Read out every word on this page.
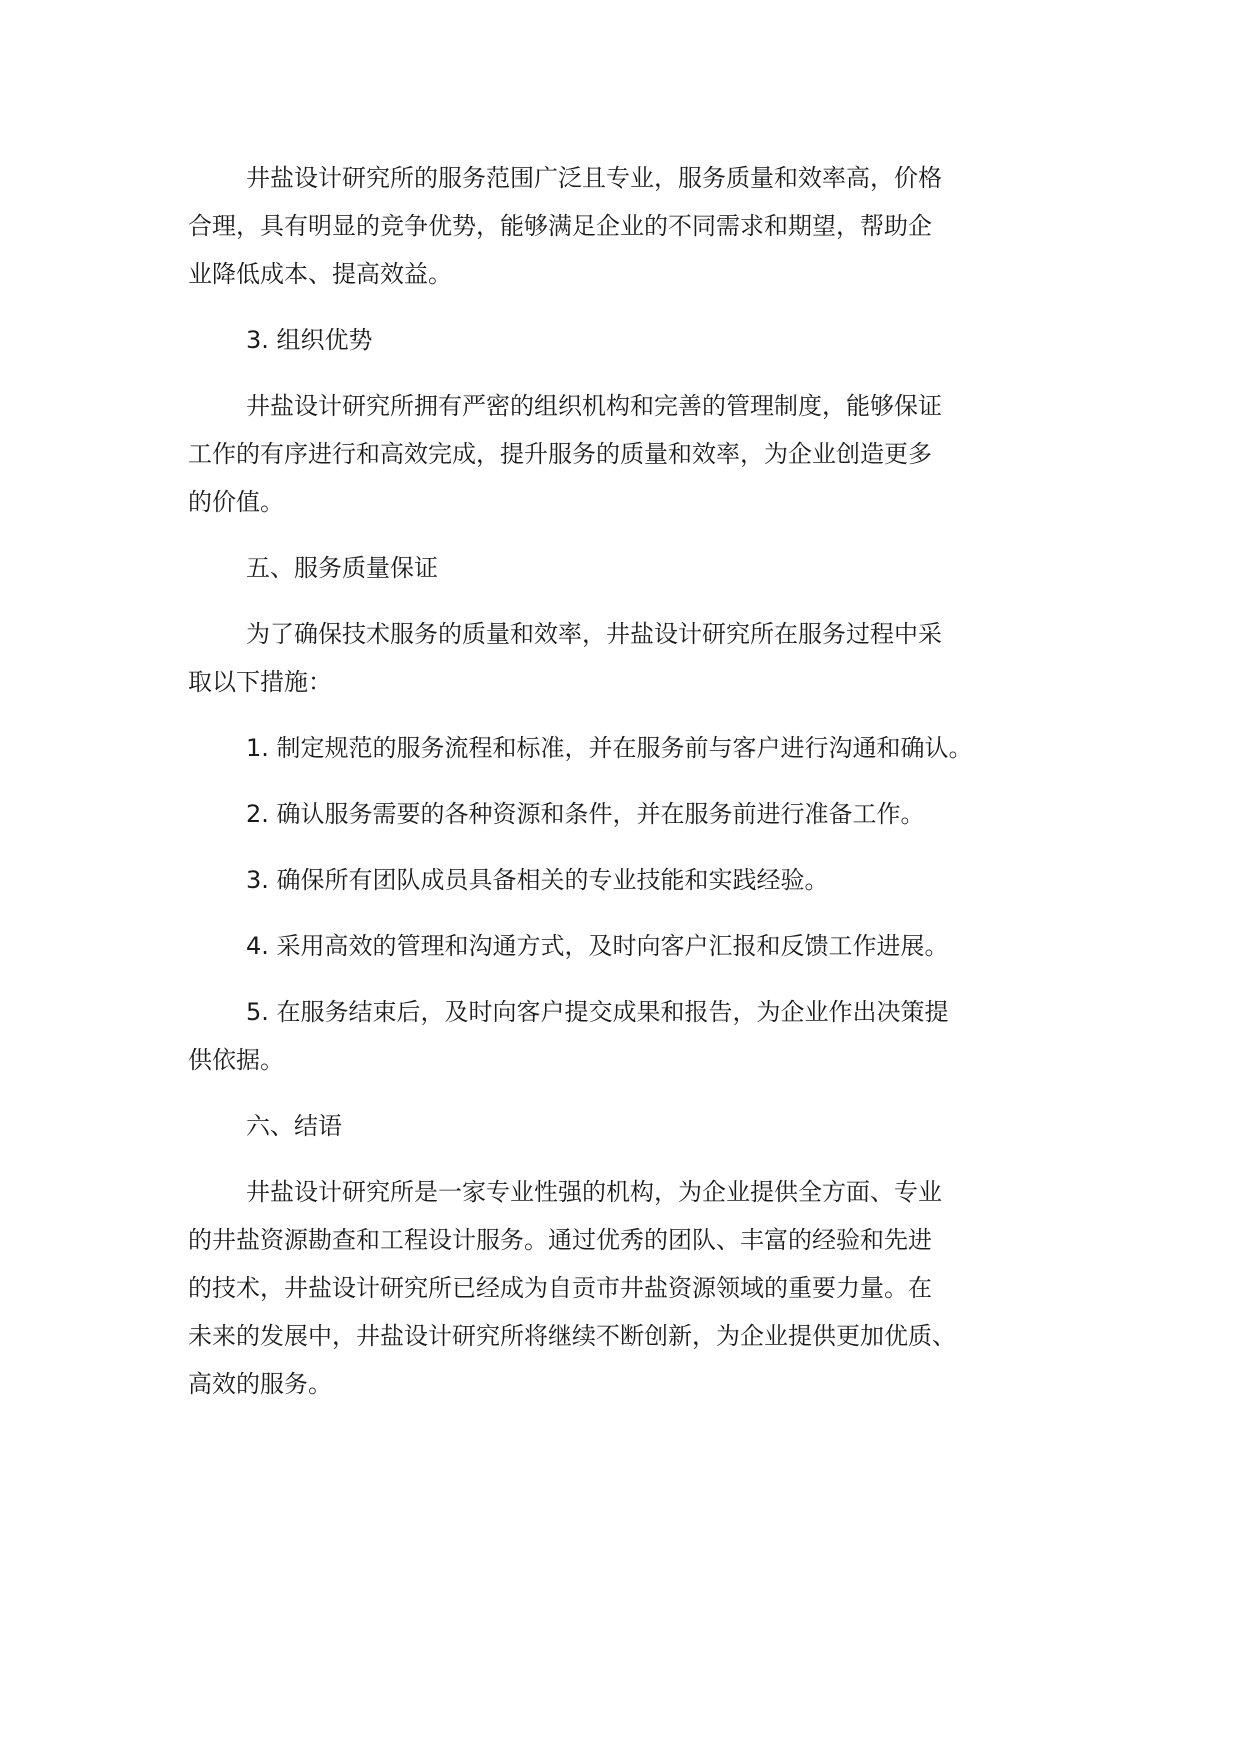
井盐设计研究所的服务范围广泛且专业，服务质量和效率高，价格
合理，具有明显的竞争优势，能够满足企业的不同需求和期望，帮助企
业降低成本、提高效益。
3. 组织优势
井盐设计研究所拥有严密的组织机构和完善的管理制度，能够保证
工作的有序进行和高效完成，提升服务的质量和效率，为企业创造更多
的价值。
五、服务质量保证
为了确保技术服务的质量和效率，井盐设计研究所在服务过程中采
取以下措施：
1. 制定规范的服务流程和标准，并在服务前与客户进行沟通和确认。
2. 确认服务需要的各种资源和条件，并在服务前进行准备工作。
3. 确保所有团队成员具备相关的专业技能和实践经验。
4. 采用高效的管理和沟通方式，及时向客户汇报和反馈工作进展。
5. 在服务结束后，及时向客户提交成果和报告，为企业作出决策提
供依据。
六、结语
井盐设计研究所是一家专业性强的机构，为企业提供全方面、专业
的井盐资源勘查和工程设计服务。通过优秀的团队、丰富的经验和先进
的技术，井盐设计研究所已经成为自贡市井盐资源领域的重要力量。在
未来的发展中，井盐设计研究所将继续不断创新，为企业提供更加优质、
高效的服务。
